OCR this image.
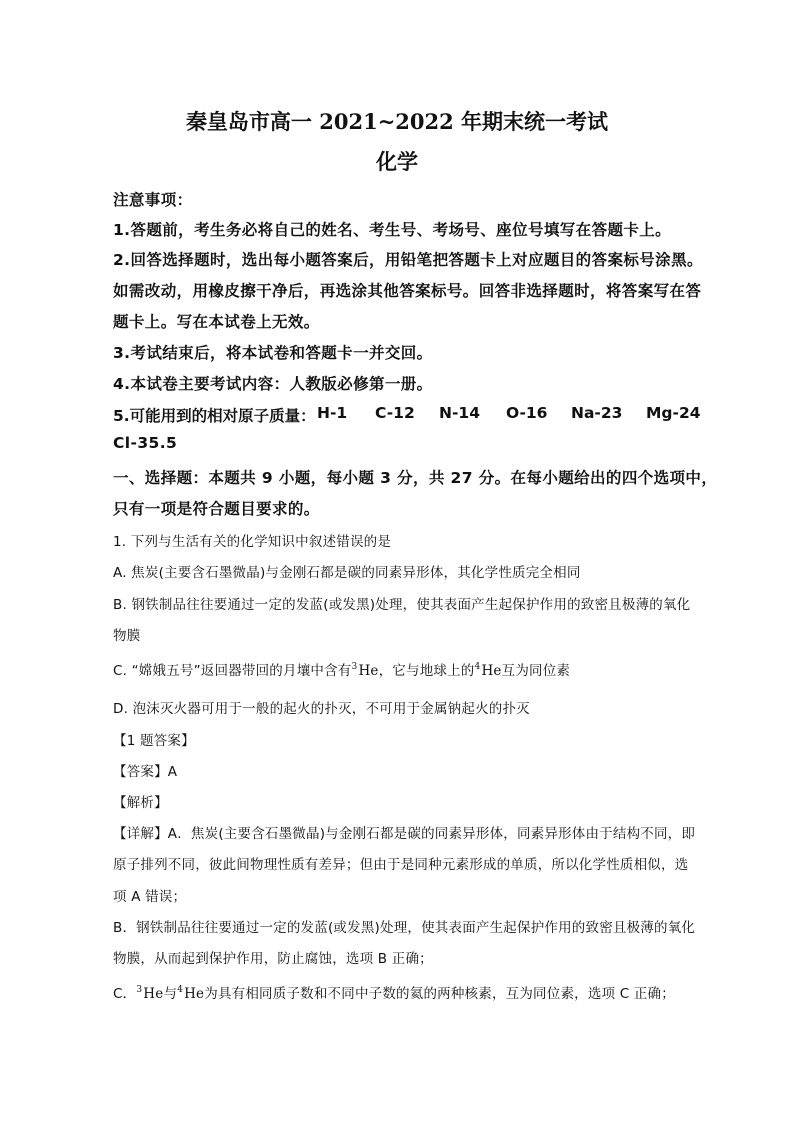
秦皇岛市高一 2021~2022 年期末统一考试
化学
注意事项：
1.答题前，考生务必将自己的姓名、考生号、考场号、座位号填写在答题卡上。
2.回答选择题时，选出每小题答案后，用铅笔把答题卡上对应题目的答案标号涂黑。
如需改动，用橡皮擦干净后，再选涂其他答案标号。回答非选择题时，将答案写在答
题卡上。写在本试卷上无效。
3.考试结束后，将本试卷和答题卡一并交回。
4.本试卷主要考试内容：人教版必修第一册。
5.可能用到的相对原子质量： H-1 C-12 N-14 O-16 Na-23 Mg-24
Cl-35.5
一、选择题：本题共 9 小题，每小题 3 分，共 27 分。在每小题给出的四个选项中，
只有一项是符合题目要求的。
1. 下列与生活有关的化学知识中叙述错误的是
A. 焦炭(主要含石墨微晶)与金刚石都是碳的同素异形体，其化学性质完全相同
B. 钢铁制品往往要通过一定的发蓝(或发黑)处理，使其表面产生起保护作用的致密且极薄的氧化
物膜
C. “嫦娥五号”返回器带回的月壤中含有$^3$He，它与地球上的$^4$He互为同位素
D. 泡沫灭火器可用于一般的起火的扑灭，不可用于金属钠起火的扑灭
【1 题答案】
【答案】A
【解析】
【详解】A．焦炭(主要含石墨微晶)与金刚石都是碳的同素异形体，同素异形体由于结构不同，即
原子排列不同，彼此间物理性质有差异；但由于是同种元素形成的单质，所以化学性质相似，选
项 A 错误；
B．钢铁制品往往要通过一定的发蓝(或发黑)处理，使其表面产生起保护作用的致密且极薄的氧化
物膜，从而起到保护作用，防止腐蚀，选项 B 正确；
C．$^3$He与$^4$He为具有相同质子数和不同中子数的氦的两种核素，互为同位素，选项 C 正确；
